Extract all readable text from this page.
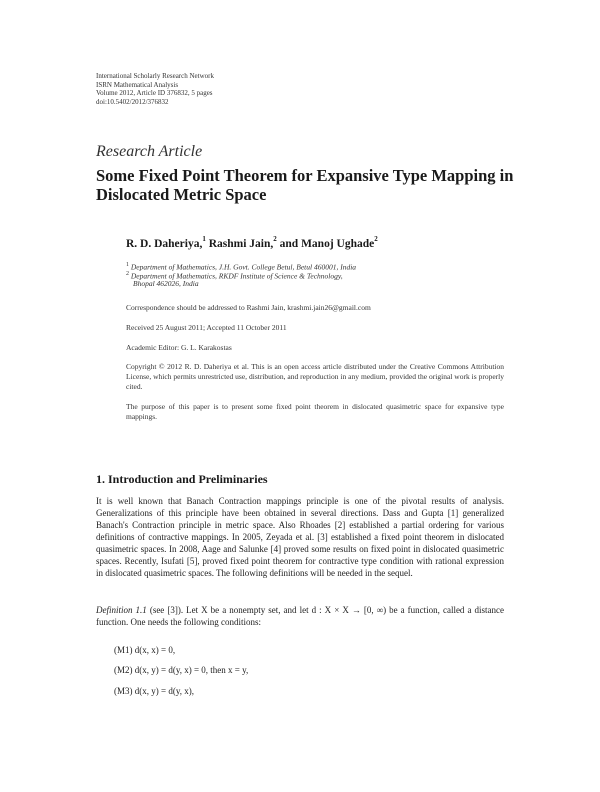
International Scholarly Research Network
ISRN Mathematical Analysis
Volume 2012, Article ID 376832, 5 pages
doi:10.5402/2012/376832
Research Article
Some Fixed Point Theorem for Expansive Type Mapping in Dislocated Metric Space
R. D. Daheriya,$^1$ Rashmi Jain,$^2$ and Manoj Ughade$^2$
$^1$ Department of Mathematics, J.H. Govt. College Betul, Betul 460001, India
$^2$ Department of Mathematics, RKDF Institute of Science & Technology,
Bhopal 462026, India
Correspondence should be addressed to Rashmi Jain, krashmi.jain26@gmail.com
Received 25 August 2011; Accepted 11 October 2011
Academic Editor: G. L. Karakostas
Copyright © 2012 R. D. Daheriya et al. This is an open access article distributed under the Creative Commons Attribution License, which permits unrestricted use, distribution, and reproduction in any medium, provided the original work is properly cited.
The purpose of this paper is to present some fixed point theorem in dislocated quasimetric space for expansive type mappings.
1. Introduction and Preliminaries
It is well known that Banach Contraction mappings principle is one of the pivotal results of analysis. Generalizations of this principle have been obtained in several directions. Dass and Gupta [1] generalized Banach's Contraction principle in metric space. Also Rhoades [2] established a partial ordering for various definitions of contractive mappings. In 2005, Zeyada et al. [3] established a fixed point theorem in dislocated quasimetric spaces. In 2008, Aage and Salunke [4] proved some results on fixed point in dislocated quasimetric spaces. Recently, Isufati [5], proved fixed point theorem for contractive type condition with rational expression in dislocated quasimetric spaces. The following definitions will be needed in the sequel.
Definition 1.1 (see [3]). Let X be a nonempty set, and let d : X × X → [0, ∞) be a function, called a distance function. One needs the following conditions:
(M1) d(x, x) = 0,
(M2) d(x, y) = d(y, x) = 0, then x = y,
(M3) d(x, y) = d(y, x),
